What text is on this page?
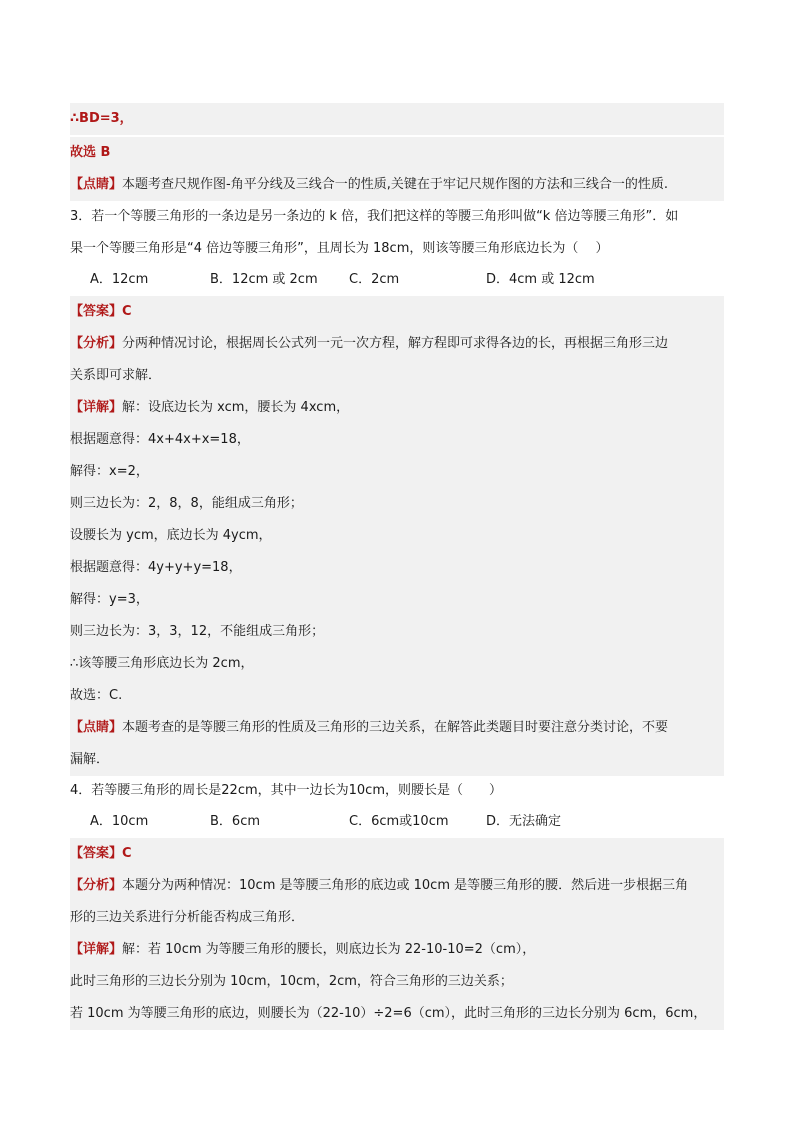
∴BD=3，
故选 B
【点睛】本题考查尺规作图-角平分线及三线合一的性质,关键在于牢记尺规作图的方法和三线合一的性质.
3．若一个等腰三角形的一条边是另一条边的 k 倍，我们把这样的等腰三角形叫做“k 倍边等腰三角形”．如
果一个等腰三角形是“4 倍边等腰三角形”，且周长为 18cm，则该等腰三角形底边长为（　 ）
A．12cm	B．12cm 或 2cm C．2cm	D．4cm 或 12cm
【答案】C
【分析】分两种情况讨论，根据周长公式列一元一次方程，解方程即可求得各边的长，再根据三角形三边
关系即可求解．
【详解】解：设底边长为 xcm，腰长为 4xcm，
根据题意得：4x+4x+x=18，
解得：x=2，
则三边长为：2，8，8，能组成三角形；
设腰长为 ycm，底边长为 4ycm，
根据题意得：4y+y+y=18，
解得：y=3，
则三边长为：3，3，12，不能组成三角形；
∴该等腰三角形底边长为 2cm，
故选：C.
【点睛】本题考查的是等腰三角形的性质及三角形的三边关系，在解答此类题目时要注意分类讨论，不要
漏解．
4．若等腰三角形的周长是22cm，其中一边长为10cm，则腰长是（　　）
A．10cm	B．6cm	C．6cm或10cm	D．无法确定
【答案】C
【分析】本题分为两种情况：10cm 是等腰三角形的底边或 10cm 是等腰三角形的腰．然后进一步根据三角
形的三边关系进行分析能否构成三角形．
【详解】解：若 10cm 为等腰三角形的腰长，则底边长为 22-10-10=2（cm），
此时三角形的三边长分别为 10cm，10cm，2cm，符合三角形的三边关系；
若 10cm 为等腰三角形的底边，则腰长为（22-10）÷2=6（cm），此时三角形的三边长分别为 6cm，6cm，
